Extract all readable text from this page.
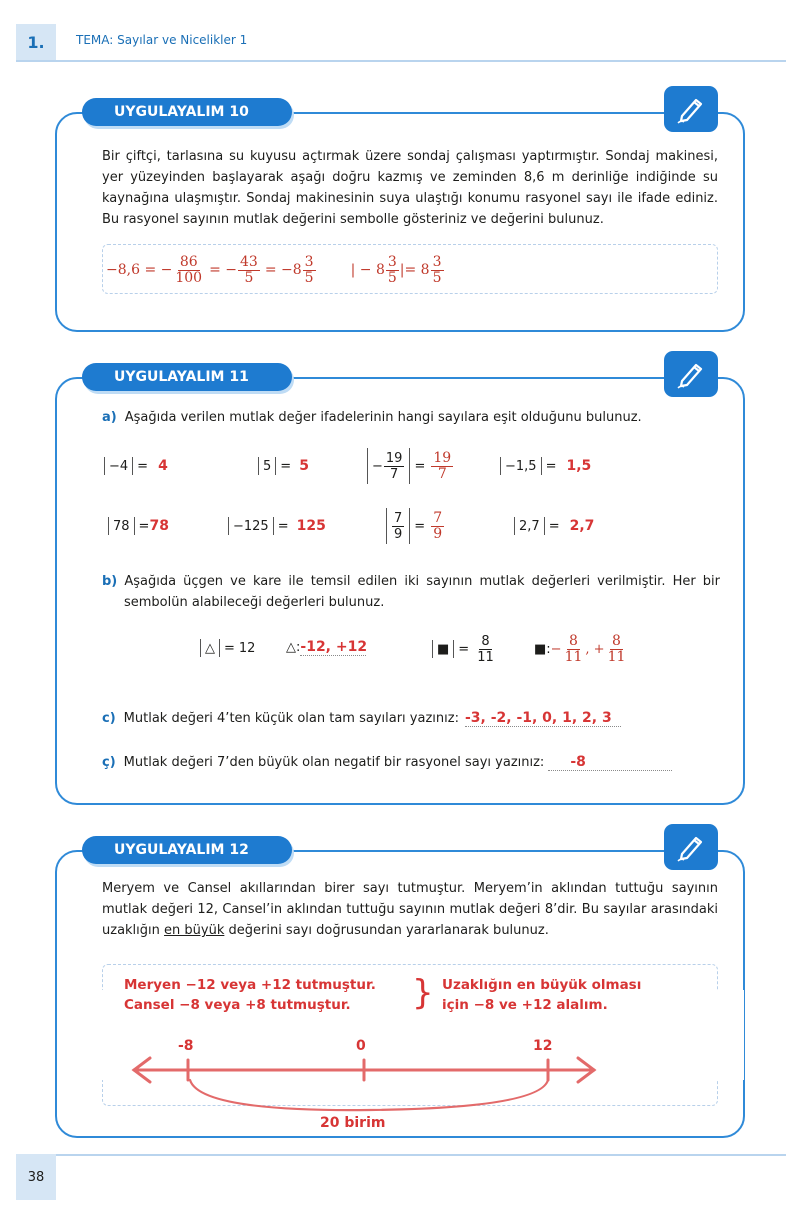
1.	TEMA: Sayılar ve Nicelikler 1
UYGULAYALIM 10
Bir çiftçi, tarlasına su kuyusu açtırmak üzere sondaj çalışması yaptırmıştır. Sondaj makinesi, yer yüzeyinden başlayarak aşağı doğru kazmış ve zeminden 8,6 m derinliğe indiğinde su kaynağına ulaşmıştır. Sondaj makinesinin suya ulaştığı konumu rasyonel sayı ile ifade ediniz. Bu rasyonel sayının mutlak değerini sembolle gösteriniz ve değerini bulunuz.
−8,6 = − $\frac{86}{100}$ = − $\frac{43}{5} = -8 \frac{3}{5}$	| − $8 \frac{3}{5}$ |= $8 \frac{3}{5}$
UYGULAYALIM 11
a) Aşağıda verilen mutlak değer ifadelerinin hangi sayılara eşit olduğunu bulunuz.
−4 = 4	5 = 5	− $\frac{19}{7} = \frac{19}{7}$	−1,5 = 1,5
78 = 78	−125 = 125	$\frac{7}{9} = \frac{7}{9}$	2,7 = 2,7
b) Aşağıda üçgen ve kare ile temsil edilen iki sayının mutlak değerleri verilmiştir. Her bir sembolün alabileceği değerleri bulunuz.
△ = 12 △: -12, +12	■ = $\frac{8}{11}$	■: − $\frac{8}{11}$ , + $\frac{8}{11}$
c) Mutlak değeri 4’ten küçük olan tam sayıları yazınız: -3, -2, -1, 0, 1, 2, 3
ç) Mutlak değeri 7’den büyük olan negatif bir rasyonel sayı yazınız:	-8
UYGULAYALIM 12
Meryem ve Cansel akıllarından birer sayı tutmuştur. Meryem’in aklından tuttuğu sayının mutlak değeri 12, Cansel’in aklından tuttuğu sayının mutlak değeri 8’dir. Bu sayılar arasındaki uzaklığın en büyük değerini sayı doğrusundan yararlanarak bulunuz.
Meryen −12 veya +12 tutmuştur.
Cansel −8 veya +8 tutmuştur.	} Uzaklığın en büyük olması
için −8 ve +12 alalım.
-8	0	12
20 birim
38
